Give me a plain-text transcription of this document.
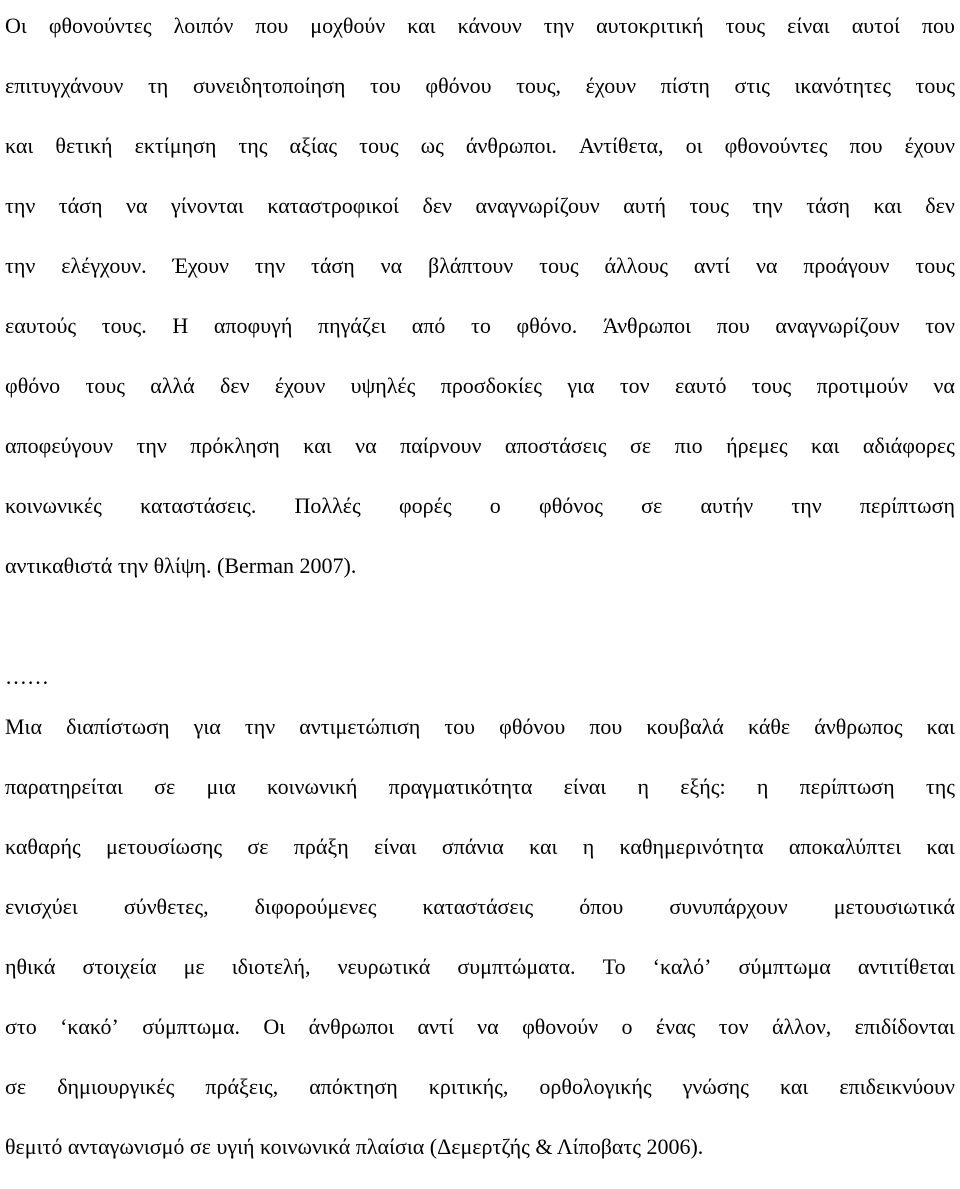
Οι φθονούντες λοιπόν που μοχθούν και κάνουν την αυτοκριτική τους είναι αυτοί που
επιτυγχάνουν τη συνειδητοποίηση του φθόνου τους, έχουν πίστη στις ικανότητες τους
και θετική εκτίμηση της αξίας τους ως άνθρωποι. Αντίθετα, οι φθονούντες που έχουν
την τάση να γίνονται καταστροφικοί δεν αναγνωρίζουν αυτή τους την τάση και δεν
την ελέγχουν. Έχουν την τάση να βλάπτουν τους άλλους αντί να προάγουν τους
εαυτούς τους. Η αποφυγή πηγάζει από το φθόνο. Άνθρωποι που αναγνωρίζουν τον
φθόνο τους αλλά δεν έχουν υψηλές προσδοκίες για τον εαυτό τους προτιμούν να
αποφεύγουν την πρόκληση και να παίρνουν αποστάσεις σε πιο ήρεμες και αδιάφορες
κοινωνικές καταστάσεις. Πολλές φορές ο φθόνος σε αυτήν την περίπτωση
αντικαθιστά την θλίψη. (Berman 2007).
……
Μια διαπίστωση για την αντιμετώπιση του φθόνου που κουβαλά κάθε άνθρωπος και
παρατηρείται σε μια κοινωνική πραγματικότητα είναι η εξής: η περίπτωση της
καθαρής μετουσίωσης σε πράξη είναι σπάνια και η καθημερινότητα αποκαλύπτει και
ενισχύει σύνθετες, διφορούμενες καταστάσεις όπου συνυπάρχουν μετουσιωτικά
ηθικά στοιχεία με ιδιοτελή, νευρωτικά συμπτώματα. Το ‘καλό’ σύμπτωμα αντιτίθεται
στο ‘κακό’ σύμπτωμα. Οι άνθρωποι αντί να φθονούν ο ένας τον άλλον, επιδίδονται
σε δημιουργικές πράξεις, απόκτηση κριτικής, ορθολογικής γνώσης και επιδεικνύουν
θεμιτό ανταγωνισμό σε υγιή κοινωνικά πλαίσια (Δεμερτζής & Λίποβατς 2006).
